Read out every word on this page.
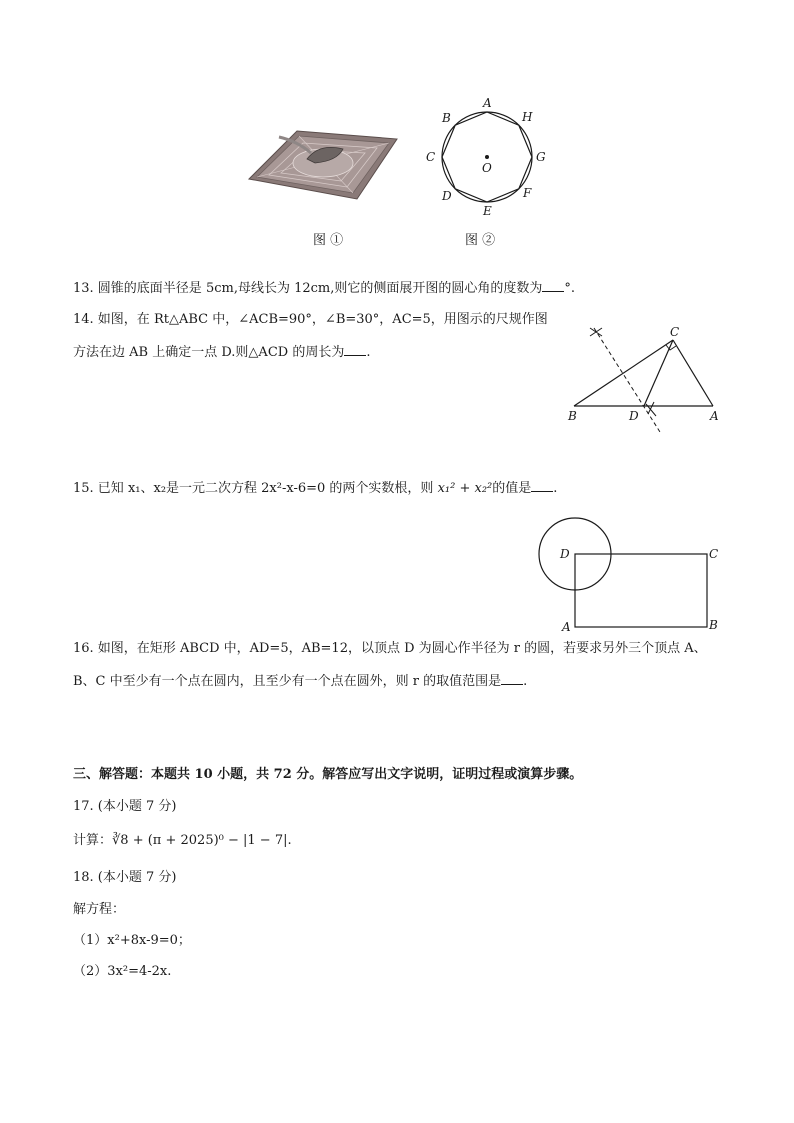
A
H
G
F
E
D
C
B
O
图 ①	图 ②
13. 圆锥的底面半径是 5cm,母线长为 12cm,则它的侧面展开图的圆心角的度数为 °.
14. 如图，在 Rt△ABC 中，∠ACB=90°，∠B=30°，AC=5，用图示的尺规作图
方法在边 AB 上确定一点 D.则△ACD 的周长为 .
C
B	D	A
15. 已知 x₁、x₂是一元二次方程 2x²-x-6=0 的两个实数根，则 x₁² + x₂²的值是 .
D	C
A	B
16. 如图，在矩形 ABCD 中，AD=5，AB=12，以顶点 D 为圆心作半径为 r 的圆，若要求另外三个顶点 A、
B、C 中至少有一个点在圆内，且至少有一个点在圆外，则 r 的取值范围是 .
三、解答题：本题共 10 小题，共 72 分。解答应写出文字说明，证明过程或演算步骤。
17. (本小题 7 分)
计算：∛8 + (π + 2025)⁰ − |1 − 7|.
18. (本小题 7 分)
解方程：
（1）x²+8x-9=0；
（2）3x²=4-2x.
